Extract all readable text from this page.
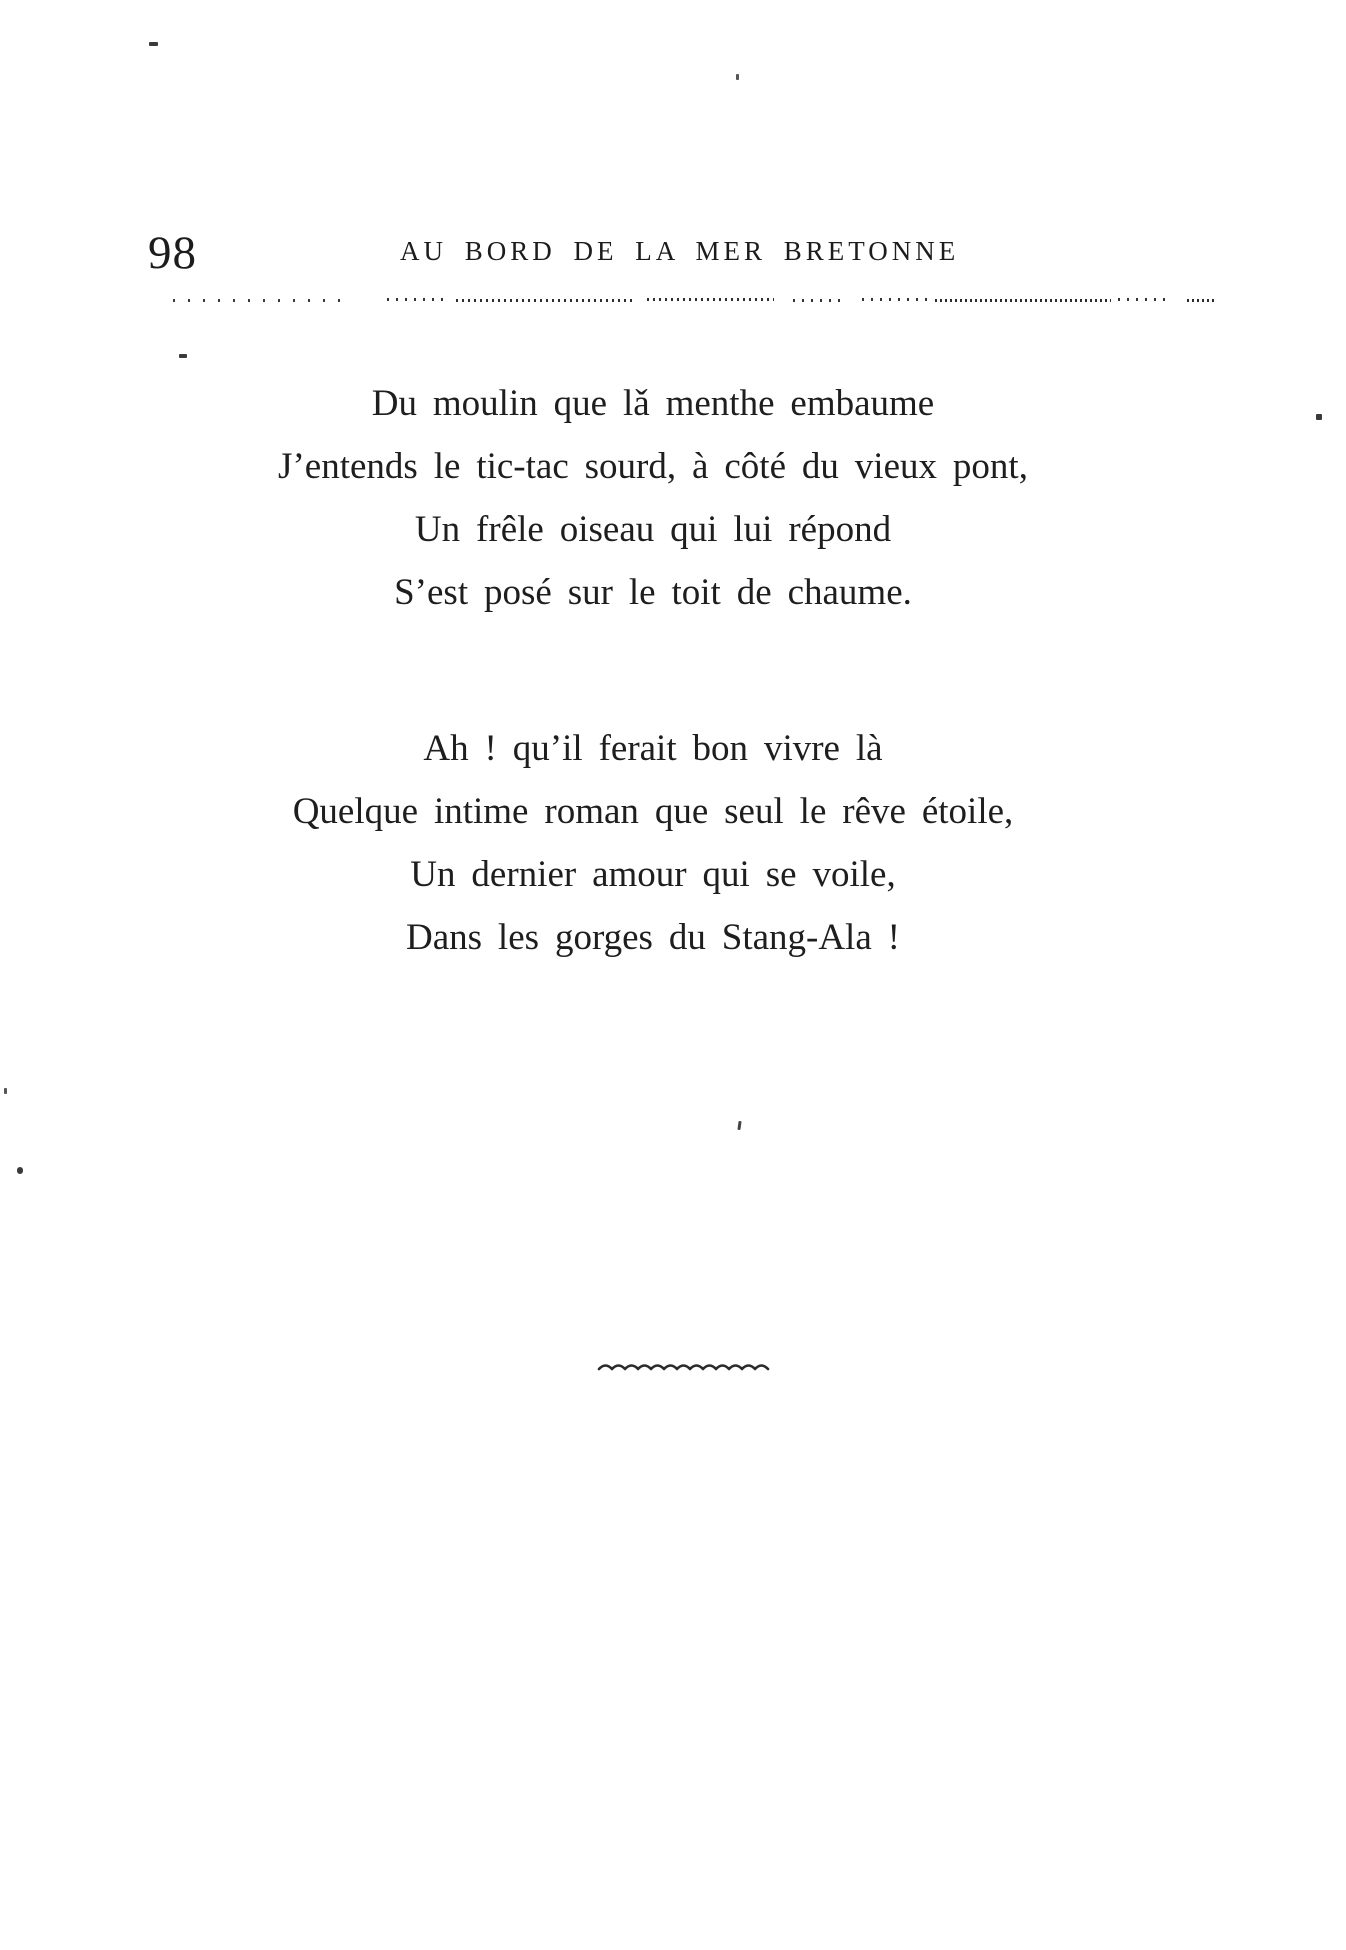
98	AU BORD DE LA MER BRETONNE

Du moulin que lǎ menthe embaume

J’entends le tic-tac sourd, à côté du vieux pont,

Un frêle oiseau qui lui répond

S’est posé sur le toit de chaume.

Ah ! qu’il ferait bon vivre là

Quelque intime roman que seul le rêve étoile,

Un dernier amour qui se voile,

Dans les gorges du Stang-Ala !
